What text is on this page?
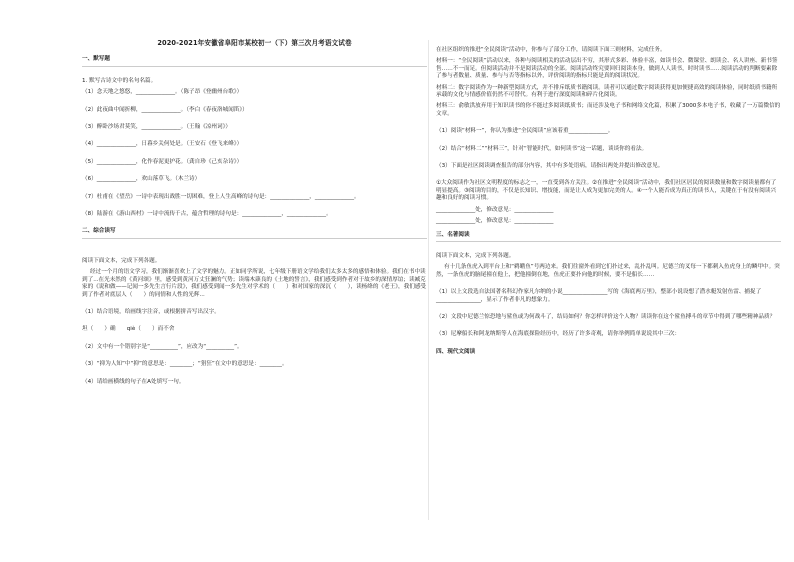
2020-2021年安徽省阜阳市某校初一（下）第三次月考语文试卷
一、默写题

1. 默写古诗文中的名句名篇。

（1）念天地之悠悠，______________。（陈子昂《登幽州台歌》）

（2）此夜曲中闻折柳，______________。（李白《春夜洛城闻笛》）

（3）醉卧沙场君莫笑，______________。（王翰《凉州词》）

（4）______________，日暮乡关何处是。（王安石《登飞来峰》）

（5）______________，化作春泥更护花。（龚自珍《己亥杂诗》）

（6）______________，欢山落草飞。（木兰诗）

（7）杜甫在《望岳》一诗中表现出战胜一切困难，登上人生高峰的诗句是：______________，______________。

（8）陆游在《游山西村》一诗中流传千古，蕴含哲理的诗句是：______________，______________。

二、综合读写

阅读下面文本，完成下列各题。

经过一个月的语文学习，我们渐渐喜欢上了文学的魅力。正如同学所说，七年级下册语文学给我们太多太多的感悟和体验。我们在书中读到了...在光未然的《黄河颂》里，感受到黄河万丈狂澜的气势；读端木蕻良的《土地的誓言》，我们感受到作者对于故乡的深情厚谊；读臧克家的《说和做——记闻一多先生言行片段》，我们感受到闻一多先生对学术的（　　）和对国家的深沉（　　），读杨绛的《老王》，我们感受到了作者对底层人（　　）的同情和人性的光辉...

（1）结合语境，给画线字注音，或根据拼音写出汉字。

坦（　　）确　　qiè（　　）而不舍

（2）文中有一个错别字是“__________”，应改为“__________”。

（3）“抑为人知”中“抑”的意思是：________；“猖狂”在文中的意思是：________。

（4）请给画横线的句子在A处填写一句。

在社区组织的推进“全民阅读”活动中，你参与了部分工作，请阅读下面三则材料，完成任务。

材料一：“全民阅读”活动以来，各种与阅读相关的活动层出不穷，其形式多彩、体验丰富，如读书会、微课堂、朗读会、名人讲座、新书签售……不一而足。但阅读活动并不是阅读活动的全部。阅读活动终究要回归阅读本身，做到人人读书，时时读书……阅读活动的判断要素除了参与者数量、质量、参与与否等指标以外，评价阅读的指标只能是真的阅读状况。

材料二：数字阅读作为一种新型阅读方式，并不排斥纸质书籍阅读。读者可以通过数字阅读获得更加便捷高效的阅读体验，同时纸质书籍所承载的文化与情感价值仍然不可替代。有利于进行深度阅读和碎片化阅读。

材料三：俞敏洪放弃用于知识读书的你不能过多阅读纸质书；而还涉及电子书和网络文化篇，积累了3000多本电子书，收藏了一万篇微信的文章。

（1）阅读“材料一”，你认为推进“全民阅读”应该着重______________。

（2）结合“材料二”“材料三”，针对“智能时代，如何读书”这一话题，谈谈你的看法。

（3）下面是社区阅读调查报告的部分内容，其中有多处语病，请指出两处并提出修改意见。

①大众阅读作为社区文明程度的标志之一，一直受到各方关注。②在推进“全民阅读”活动中，我们社区居民的阅读数量和数字阅读量都有了明显提高。③阅读的目的，不仅是长知识、增技能，而是让人成为更加完美的人。④一个人能否成为真正的读书人，关键在于有没有阅读兴趣和良好的阅读习惯。

______________处，修改意见：______________

______________处，修改意见：______________

三、名著阅读

阅读下面文本，完成下列各题。

有十几条鱼虎入到平台上和“鹈鹕鱼”号两边来。我们往窗外看到它们扑过来，乱扑乱叫。尼德兰的叉每一下都刺入鱼虎身上的鳞甲中。突然，一条鱼虎的脑尾撞在他上，把他撞倒在地，鱼虎正要扑向他的时候，要不是船长……

（1）以上文段选自法国著名科幻作家凡尔纳的小说________________写的《海底两万里》，整部小说设想了潜水艇发射鱼雷、捕捉了________________，显示了作者非凡的想象力。

（2）文段中尼德兰惊恐地与鲨鱼或为何战斗了，结局如何？你怎样评价这个人物？读读你在这个鲨鱼搏斗的章节中得到了哪些精神品质？

（3）尼摩船长和阿龙纳斯等人在海底探险经历中，经历了许多奇观，请你举例简单说说其中三次：

四、现代文阅读
